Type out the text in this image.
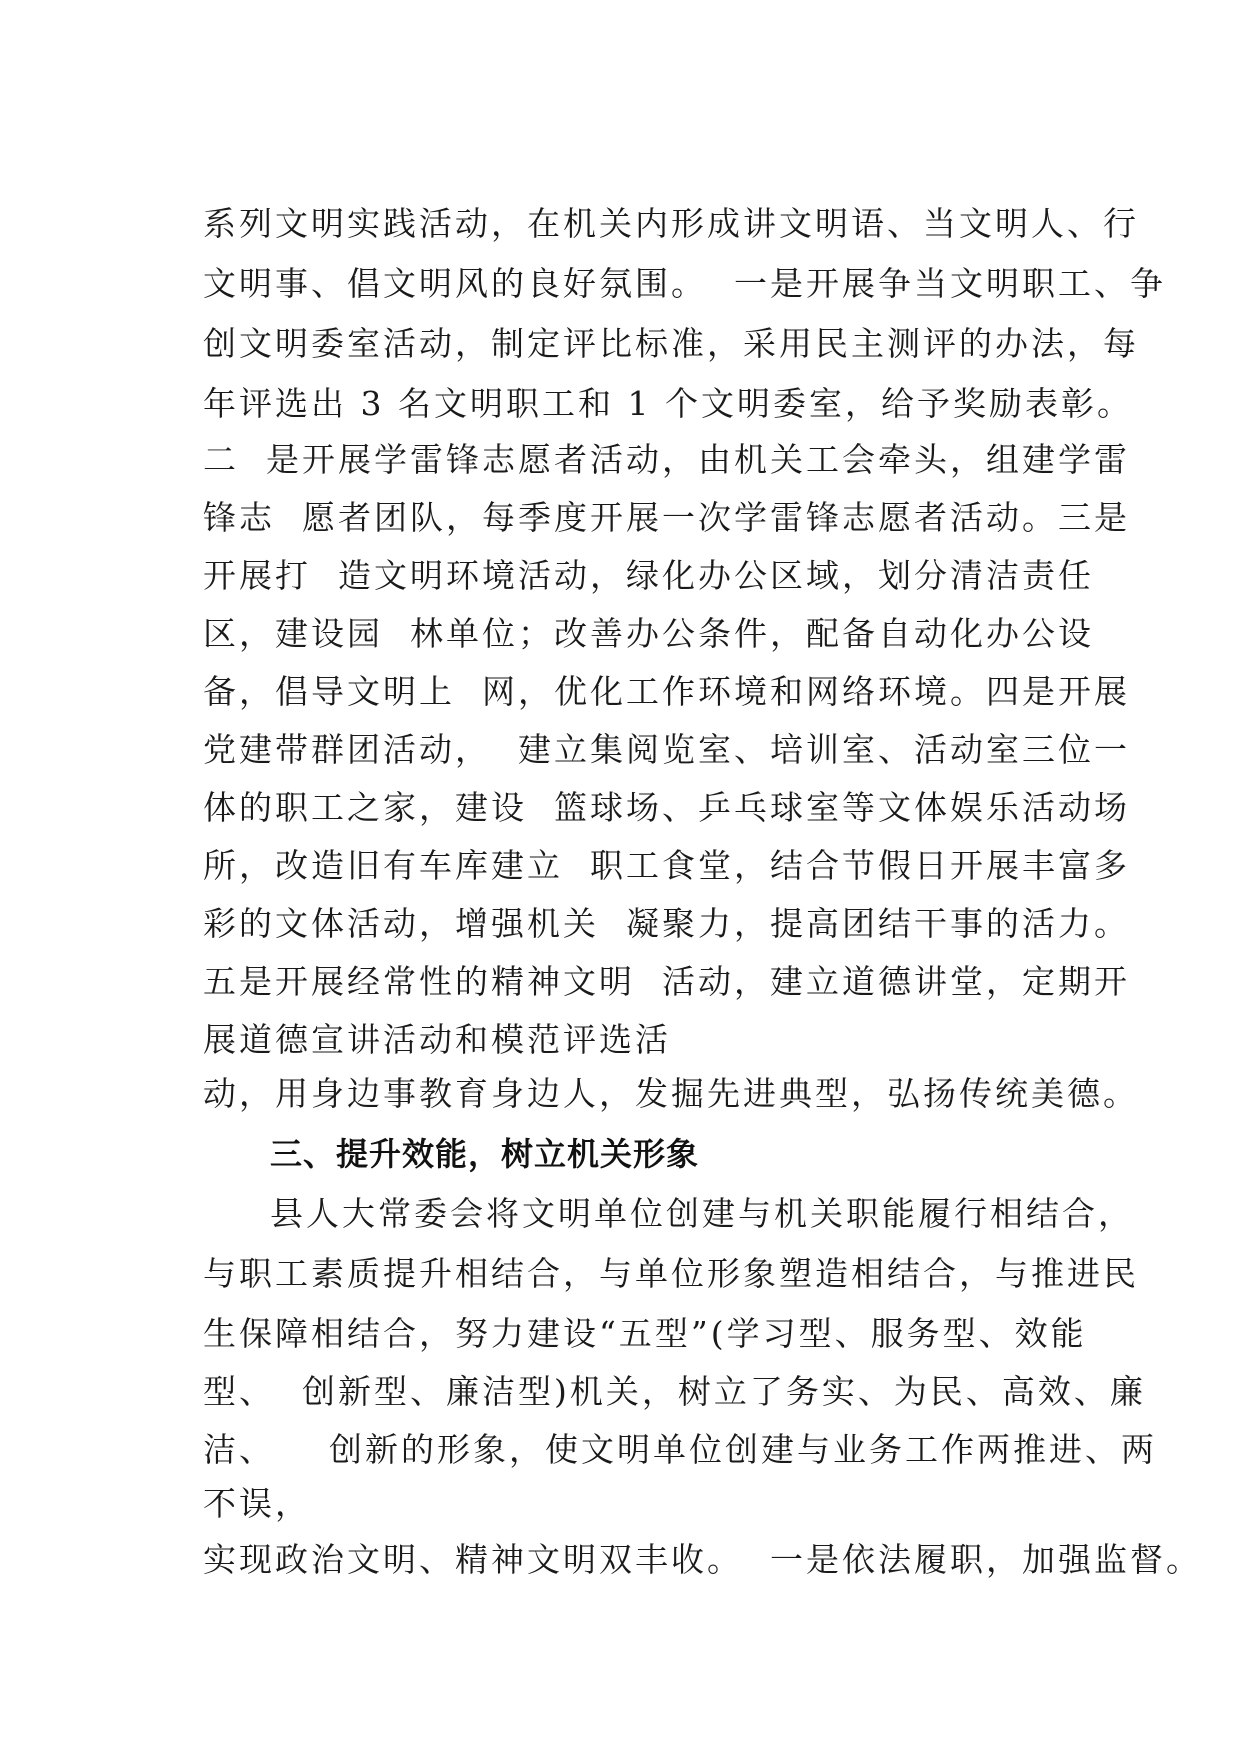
系列文明实践活动，在机关内形成讲文明语、当文明人、行
文明事、倡文明风的良好氛围。  一是开展争当文明职工、争
创文明委室活动，制定评比标准，采用民主测评的办法，每
年评选出 3 名文明职工和 1 个文明委室，给予奖励表彰。
二  是开展学雷锋志愿者活动，由机关工会牵头，组建学雷
锋志  愿者团队，每季度开展一次学雷锋志愿者活动。三是
开展打  造文明环境活动，绿化办公区域，划分清洁责任
区，建设园  林单位；改善办公条件，配备自动化办公设
备，倡导文明上  网，优化工作环境和网络环境。四是开展
党建带群团活动，  建立集阅览室、培训室、活动室三位一
体的职工之家，建设  篮球场、乒乓球室等文体娱乐活动场
所，改造旧有车库建立  职工食堂，结合节假日开展丰富多
彩的文体活动，增强机关  凝聚力，提高团结干事的活力。
五是开展经常性的精神文明  活动，建立道德讲堂，定期开
展道德宣讲活动和模范评选活
动，用身边事教育身边人，发掘先进典型，弘扬传统美德。
三、提升效能，树立机关形象
县人大常委会将文明单位创建与机关职能履行相结合，
与职工素质提升相结合，与单位形象塑造相结合，与推进民
生保障相结合，努力建设“五型”(学习型、服务型、效能
型、  创新型、廉洁型)机关，树立了务实、为民、高效、廉
洁、    创新的形象，使文明单位创建与业务工作两推进、两
不误，
实现政治文明、精神文明双丰收。  一是依法履职，加强监督。
